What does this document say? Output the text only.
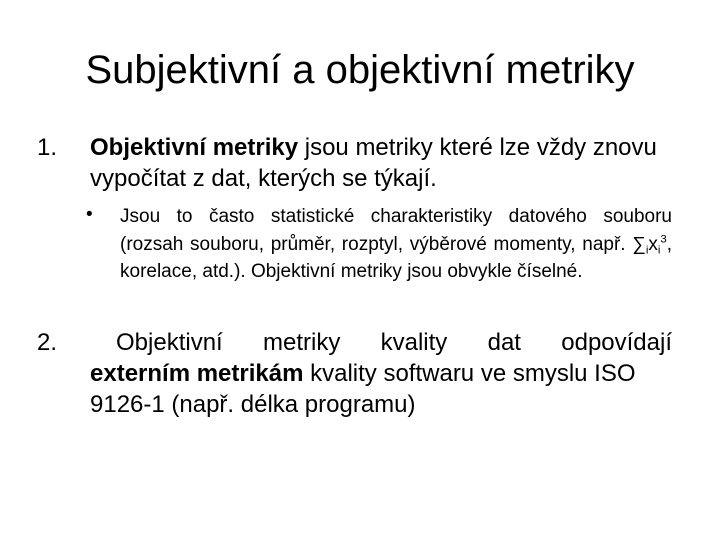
Subjektivní a objektivní metriky
1. Objektivní metriky jsou metriky které lze vždy znovu vypočítat z dat, kterých se týkají.
• Jsou to často statistické charakteristiky datového souboru (rozsah souboru, průměr, rozptyl, výběrové momenty, např. $\sum_ix_i^3$, korelace, atd.). Objektivní metriky jsou obvykle číselné.
2.	Objektivní metriky kvality dat odpovídají
externím metrikám kvality softwaru ve smyslu ISO 9126-1 (např. délka programu)
